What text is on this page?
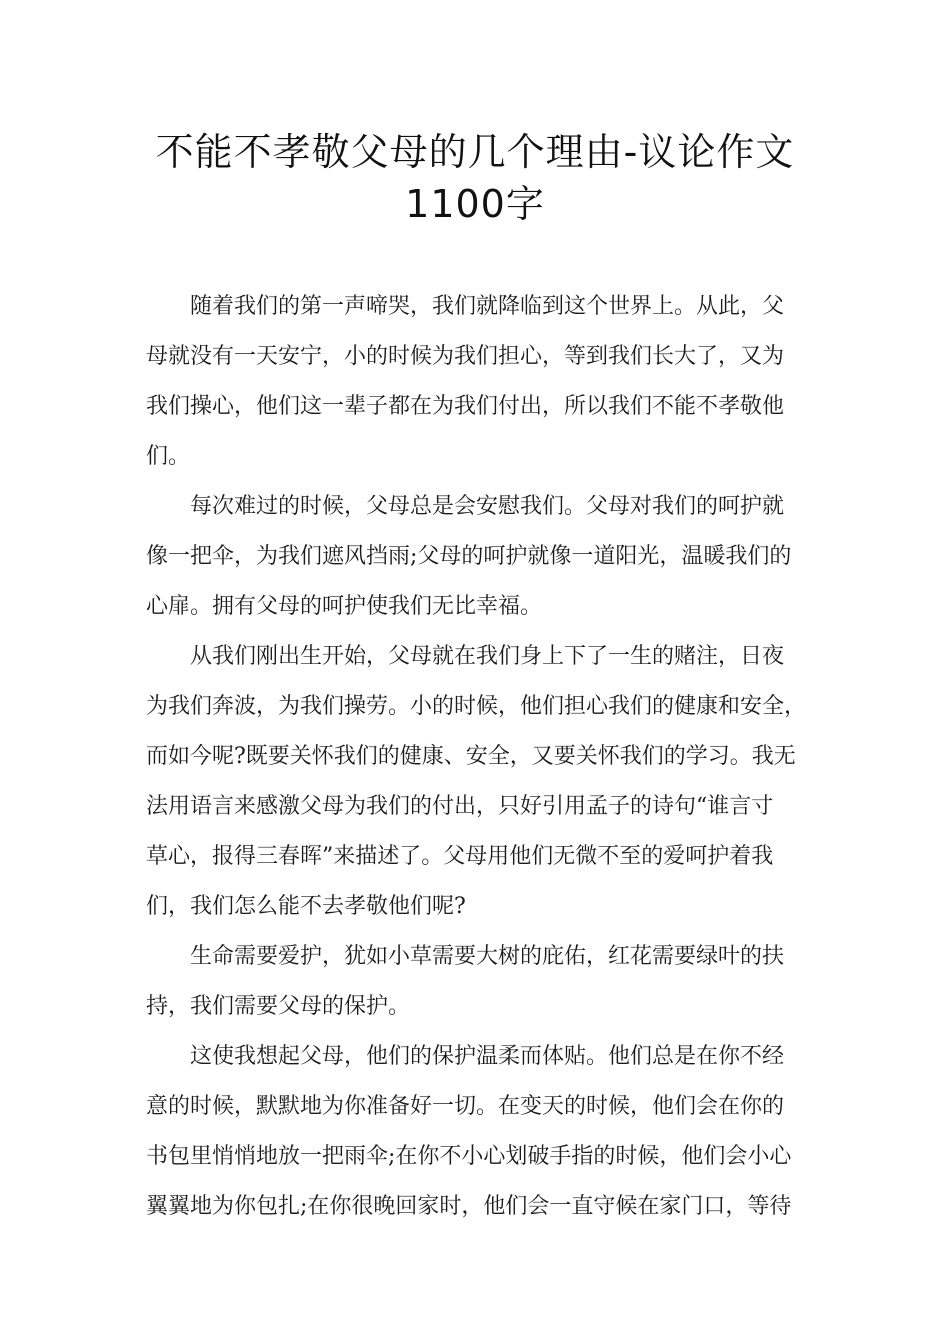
不能不孝敬父母的几个理由-议论作文
1100字
随着我们的第一声啼哭，我们就降临到这个世界上。从此，父
母就没有一天安宁，小的时候为我们担心，等到我们长大了，又为
我们操心，他们这一辈子都在为我们付出，所以我们不能不孝敬他
们。
每次难过的时候，父母总是会安慰我们。父母对我们的呵护就
像一把伞，为我们遮风挡雨;父母的呵护就像一道阳光，温暖我们的
心扉。拥有父母的呵护使我们无比幸福。
从我们刚出生开始，父母就在我们身上下了一生的赌注，日夜
为我们奔波，为我们操劳。小的时候，他们担心我们的健康和安全，
而如今呢?既要关怀我们的健康、安全，又要关怀我们的学习。我无
法用语言来感激父母为我们的付出，只好引用孟子的诗句“谁言寸
草心，报得三春晖”来描述了。父母用他们无微不至的爱呵护着我
们，我们怎么能不去孝敬他们呢?
生命需要爱护，犹如小草需要大树的庇佑，红花需要绿叶的扶
持，我们需要父母的保护。
这使我想起父母，他们的保护温柔而体贴。他们总是在你不经
意的时候，默默地为你准备好一切。在变天的时候，他们会在你的
书包里悄悄地放一把雨伞;在你不小心划破手指的时候，他们会小心
翼翼地为你包扎;在你很晚回家时，他们会一直守候在家门口，等待
